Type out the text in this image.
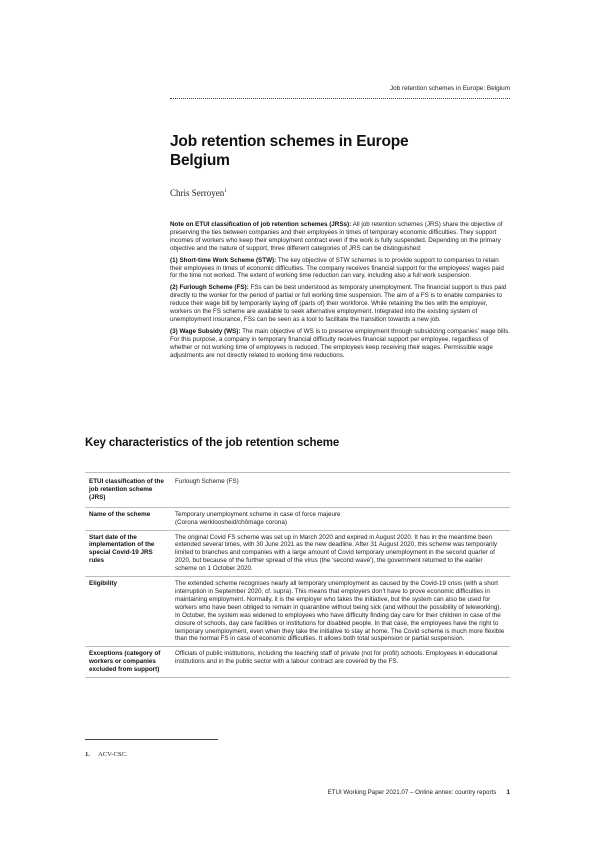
Job retention schemes in Europe: Belgium
Job retention schemes in Europe
Belgium
Chris Serroyen$^1$

Note on ETUI classification of job retention schemes (JRSs): All job retention schemes (JRS) share the objective of preserving the ties between companies and their employees in times of temporary economic difficulties. They support incomes of workers who keep their employment contract even if the work is fully suspended. Depending on the primary objective and the nature of support, three different categories of JRS can be distinguished:

(1) Short-time Work Scheme (STW): The key objective of STW schemes is to provide support to companies to retain their employees in times of economic difficulties. The company receives financial support for the employees' wages paid for the time not worked. The extent of working time reduction can vary, including also a full work suspension.

(2) Furlough Scheme (FS): FSs can be best understood as temporary unemployment. The financial support is thus paid directly to the worker for the period of partial or full working time suspension. The aim of a FS is to enable companies to reduce their wage bill by temporarily laying off (parts of) their workforce. While retaining the ties with the employer, workers on the FS scheme are available to seek alternative employment. Integrated into the existing system of unemployment insurance, FSs can be seen as a tool to facilitate the transition towards a new job.

(3) Wage Subsidy (WS): The main objective of WS is to preserve employment through subsidizing companies' wage bills. For this purpose, a company in temporary financial difficulty receives financial support per employee, regardless of whether or not working time of employees is reduced. The employees keep receiving their wages. Permissible wage adjustments are not directly related to working time reductions.

Key characteristics of the job retention scheme
ETUI classification of the job retention scheme (JRS)	Furlough Scheme (FS)
Name of the scheme	Temporary unemployment scheme in case of force majeure
(Corona werkloosheid/chômage corona)
Start date of the implementation of the special Covid-19 JRS rules	The original Covid FS scheme was set up in March 2020 and expired in August 2020. It has in the meantime been extended several times, with 30 June 2021 as the new deadline. After 31 August 2020, this scheme was temporarily limited to branches and companies with a large amount of Covid temporary unemployment in the second quarter of 2020, but because of the further spread of the virus (the 'second wave'), the government returned to the earlier scheme on 1 October 2020.
Eligibility	The extended scheme recognises nearly all temporary unemployment as caused by the Covid-19 crisis (with a short interruption in September 2020, cf. supra). This means that employers don't have to prove economic difficulties in maintaining employment. Normally, it is the employer who takes the initiative, but the system can also be used for workers who have been obliged to remain in quarantine without being sick (and without the possibility of teleworking). In October, the system was widened to employees who have difficulty finding day care for their children in case of the closure of schools, day care facilities or institutions for disabled people. In that case, the employees have the right to temporary unemployment, even when they take the initiative to stay at home. The Covid scheme is much more flexible than the normal FS in case of economic difficulties. It allows both total suspension or partial suspension.
Exceptions (category of workers or companies excluded from support)	Officials of public institutions, including the teaching staff of private (not for profit) schools. Employees in educational institutions and in the public sector with a labour contract are covered by the FS.
1. ACV-CSC.
ETUI Working Paper 2021.07 – Online annex: country reports 1
